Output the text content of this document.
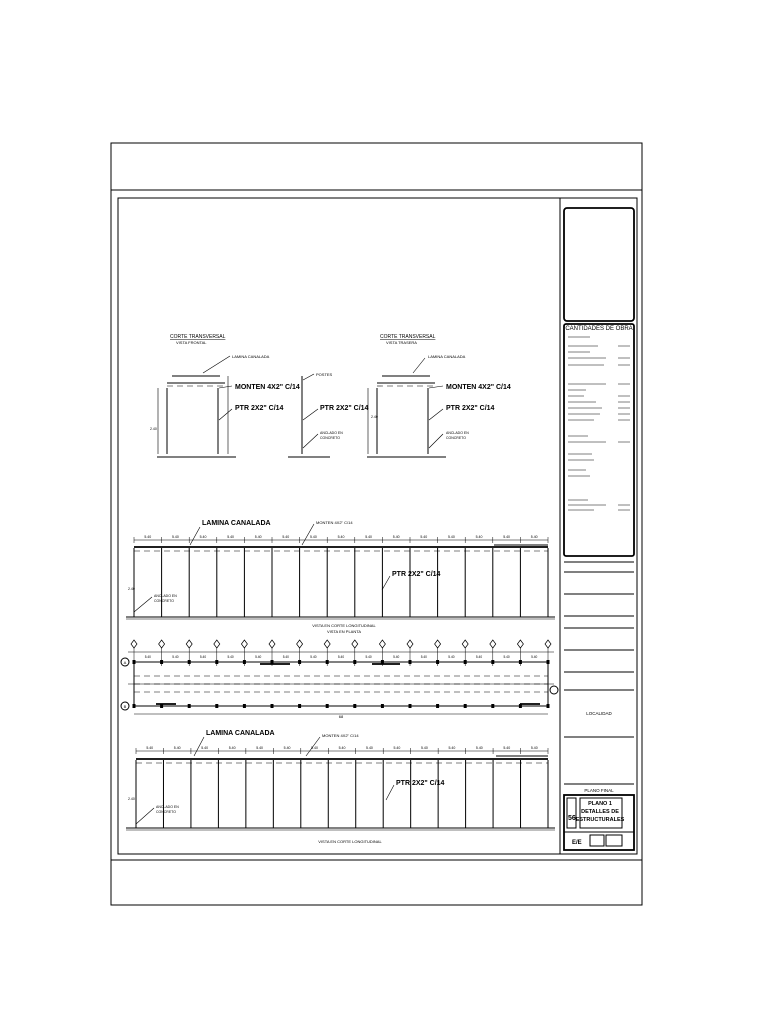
CANTIDADES DE OBRA
LOCALIDAD
PLANO FINAL
56
PLANO 1
DETALLES DE
ESTRUCTURALES
E/E
CORTE TRANSVERSAL
VISTA FRONTAL
2.40
LAMINA CANALADA
MONTEN 4X2" C/14
PTR 2X2" C/14
POSTES
PTR 2X2" C/14
ANCLADO EN
CONCRETO
CORTE TRANSVERSAL
VISTA TRASERA
2.40
LAMINA CANALADA
MONTEN 4X2" C/14
PTR 2X2" C/14
ANCLADO EN
CONCRETO
LAMINA CANALADA	MONTEN 4X2" C/14
5.40	5.40	5.40	5.40	5.40	5.40	5.40	5.40	5.40	5.40	5.40	5.40	5.40	5.40	5.40
2.40
ANCLADO EN
CONCRETO
PTR 2X2" C/14
VISTA EN CORTE LONGITUDINAL
VISTA EN PLANTA
5.40	5.40	5.40	5.40	5.40	5.40	5.40	5.40	5.40	5.40	5.40	5.40	5.40	5.40	5.40
A
B
68
LAMINA CANALADA	MONTEN 4X2" C/14
5.40	5.40	5.40	5.40	5.40	5.40	5.40	5.40	5.40	5.40	5.40	5.40	5.40	5.40	5.40
2.40
ANCLADO EN
CONCRETO
PTR 2X2" C/14
VISTA EN CORTE LONGITUDINAL
